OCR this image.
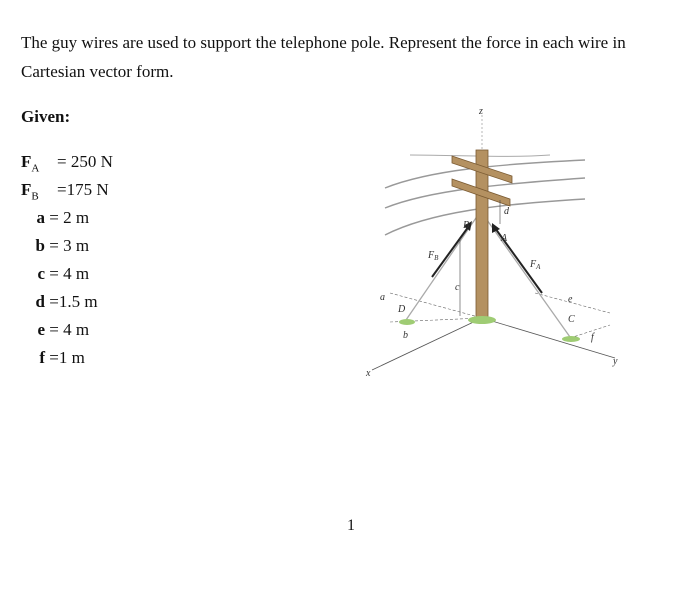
The guy wires are used to support the telephone pole. Represent the force in each wire in Cartesian vector form.
Given:
$F_A = 250$ N
$F_B =175$ N
a = 2 m
b = 3 m
c = 4 m
d =1.5 m
e = 4 m
f =1 m
z
x
y
B
A
C
D
$F_B$
$F_A$
a
b
c
d
e
f
1
